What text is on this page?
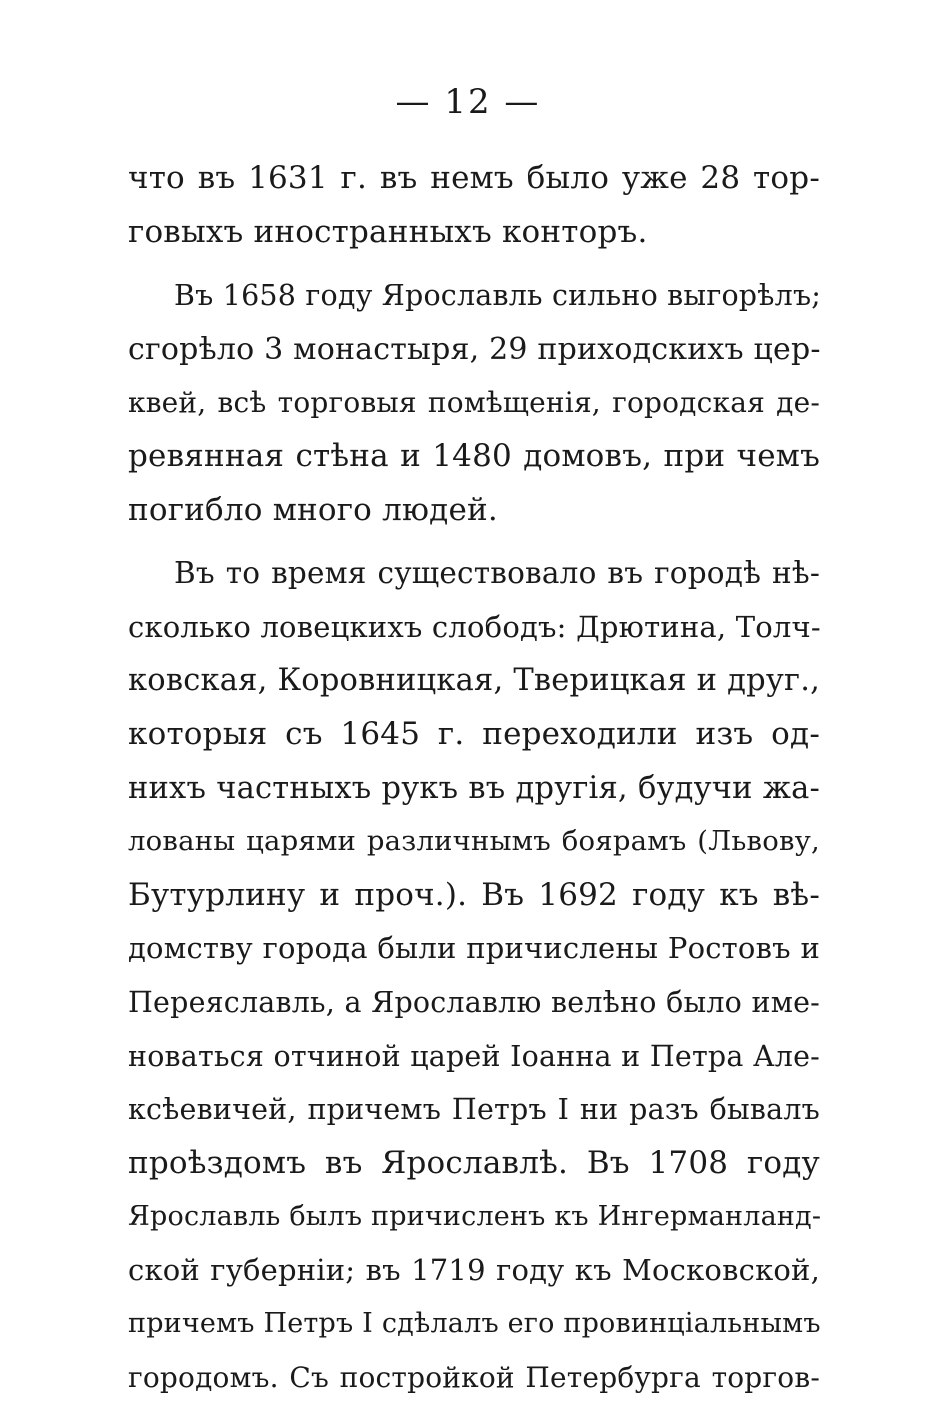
— 12 —
что въ 1631 г. въ немъ было уже 28 тор-
говыхъ иностранныхъ конторъ.
Въ 1658 году Ярославль сильно выгорѣлъ;
сгорѣло 3 монастыря, 29 приходскихъ цер-
квей, всѣ торговыя помѣщенія, городская де-
ревянная стѣна и 1480 домовъ, при чемъ
погибло много людей.
Въ то время существовало въ городѣ нѣ-
сколько ловецкихъ слободъ: Дрютина, Толч-
ковская, Коровницкая, Тверицкая и друг.,
которыя съ 1645 г. переходили изъ од-
нихъ частныхъ рукъ въ другія, будучи жа-
лованы царями различнымъ боярамъ (Львову,
Бутурлину и проч.). Въ 1692 году къ вѣ-
домству города были причислены Ростовъ и
Переяславль, а Ярославлю велѣно было име-
новаться отчиной царей Іоанна и Петра Але-
ксѣевичей, причемъ Петръ I ни разъ бывалъ
проѣздомъ въ Ярославлѣ. Въ 1708 году
Ярославль былъ причисленъ къ Ингерманланд-
ской губерніи; въ 1719 году къ Московской,
причемъ Петръ I сдѣлалъ его провинціальнымъ
городомъ. Съ постройкой Петербурга торгов-
